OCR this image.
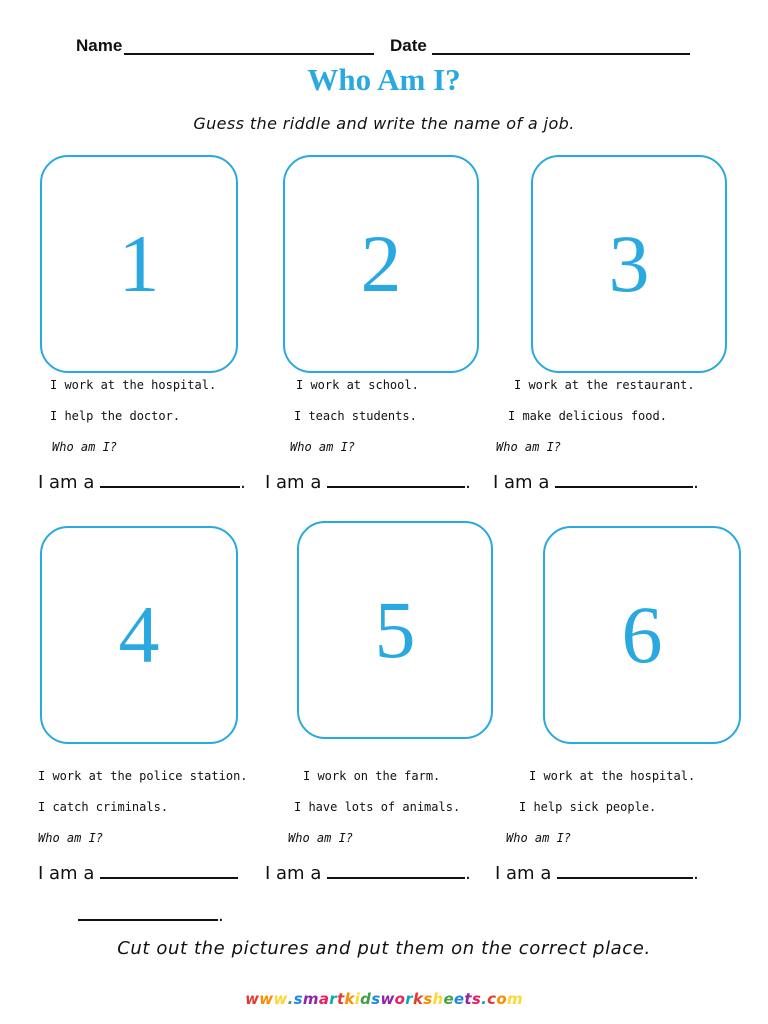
Name	Date
Who Am I?
Guess the riddle and write the name of a job.
1	2	3
I work at the hospital.
I help the doctor.
Who am I?
I work at school.
I teach students.
Who am I?
I work at the restaurant.
I make delicious food.
Who am I?
I am a	. I am a	. I am a	.
4	5	6
I work at the police station.
I catch criminals.
Who am I?
I work on the farm.
I have lots of animals.
Who am I?
I work at the hospital.
I help sick people.
Who am I?
I am a	I am a	. I am a	.
.
Cut out the pictures and put them on the correct place.
www.smartkidsworksheets.com
